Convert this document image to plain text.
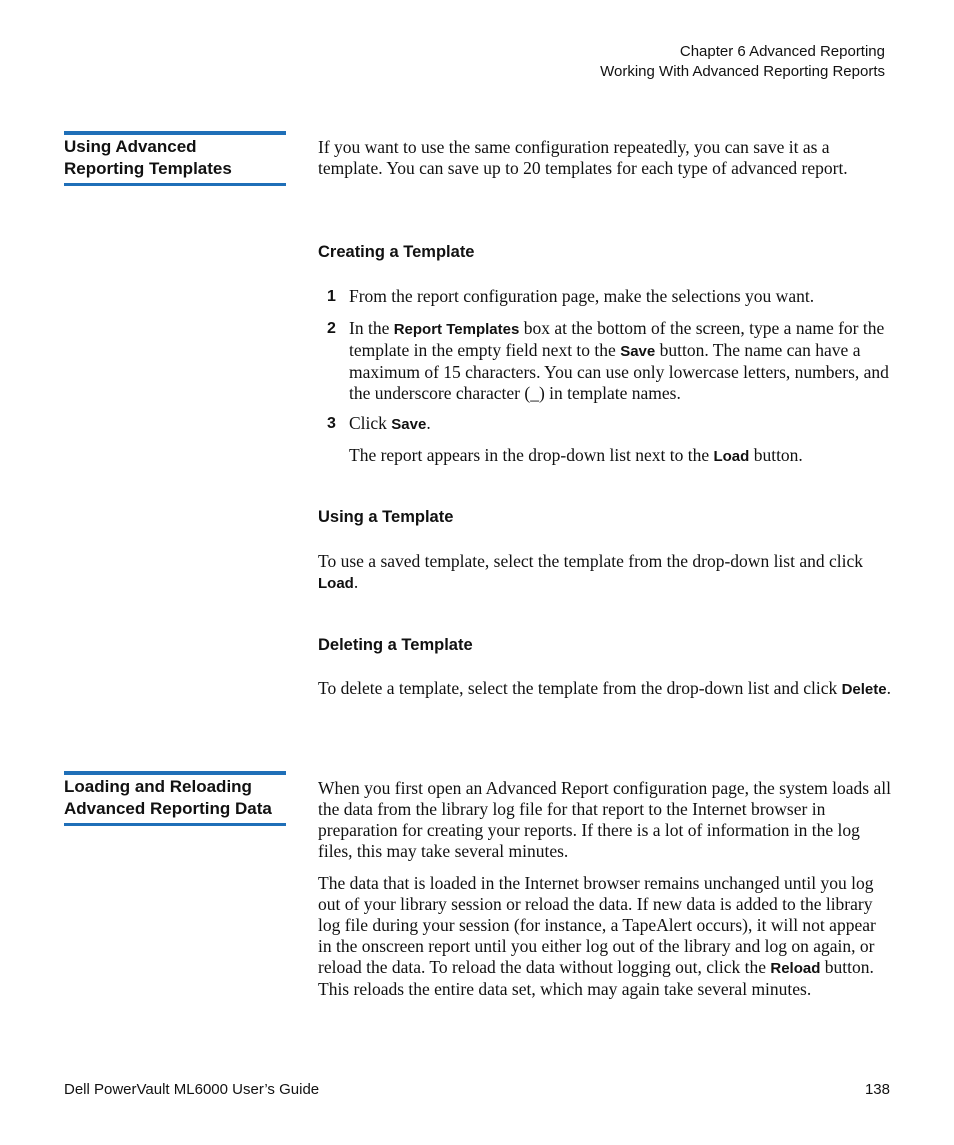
Chapter 6 Advanced Reporting
Working With Advanced Reporting Reports
Using Advanced
Reporting Templates
If you want to use the same configuration repeatedly, you can save it as a template. You can save up to 20 templates for each type of advanced report.
Creating a Template
1 From the report configuration page, make the selections you want.
2 In the Report Templates box at the bottom of the screen, type a name for the template in the empty field next to the Save button. The name can have a maximum of 15 characters. You can use only lowercase letters, numbers, and the underscore character (_) in template names.
3 Click Save.
The report appears in the drop-down list next to the Load button.
Using a Template
To use a saved template, select the template from the drop-down list and click Load.
Deleting a Template
To delete a template, select the template from the drop-down list and click Delete.
Loading and Reloading
Advanced Reporting Data
When you first open an Advanced Report configuration page, the system loads all the data from the library log file for that report to the Internet browser in preparation for creating your reports. If there is a lot of information in the log files, this may take several minutes.
The data that is loaded in the Internet browser remains unchanged until you log out of your library session or reload the data. If new data is added to the library log file during your session (for instance, a TapeAlert occurs), it will not appear in the onscreen report until you either log out of the library and log on again, or reload the data. To reload the data without logging out, click the Reload button. This reloads the entire data set, which may again take several minutes.
Dell PowerVault ML6000 User’s Guide	138
